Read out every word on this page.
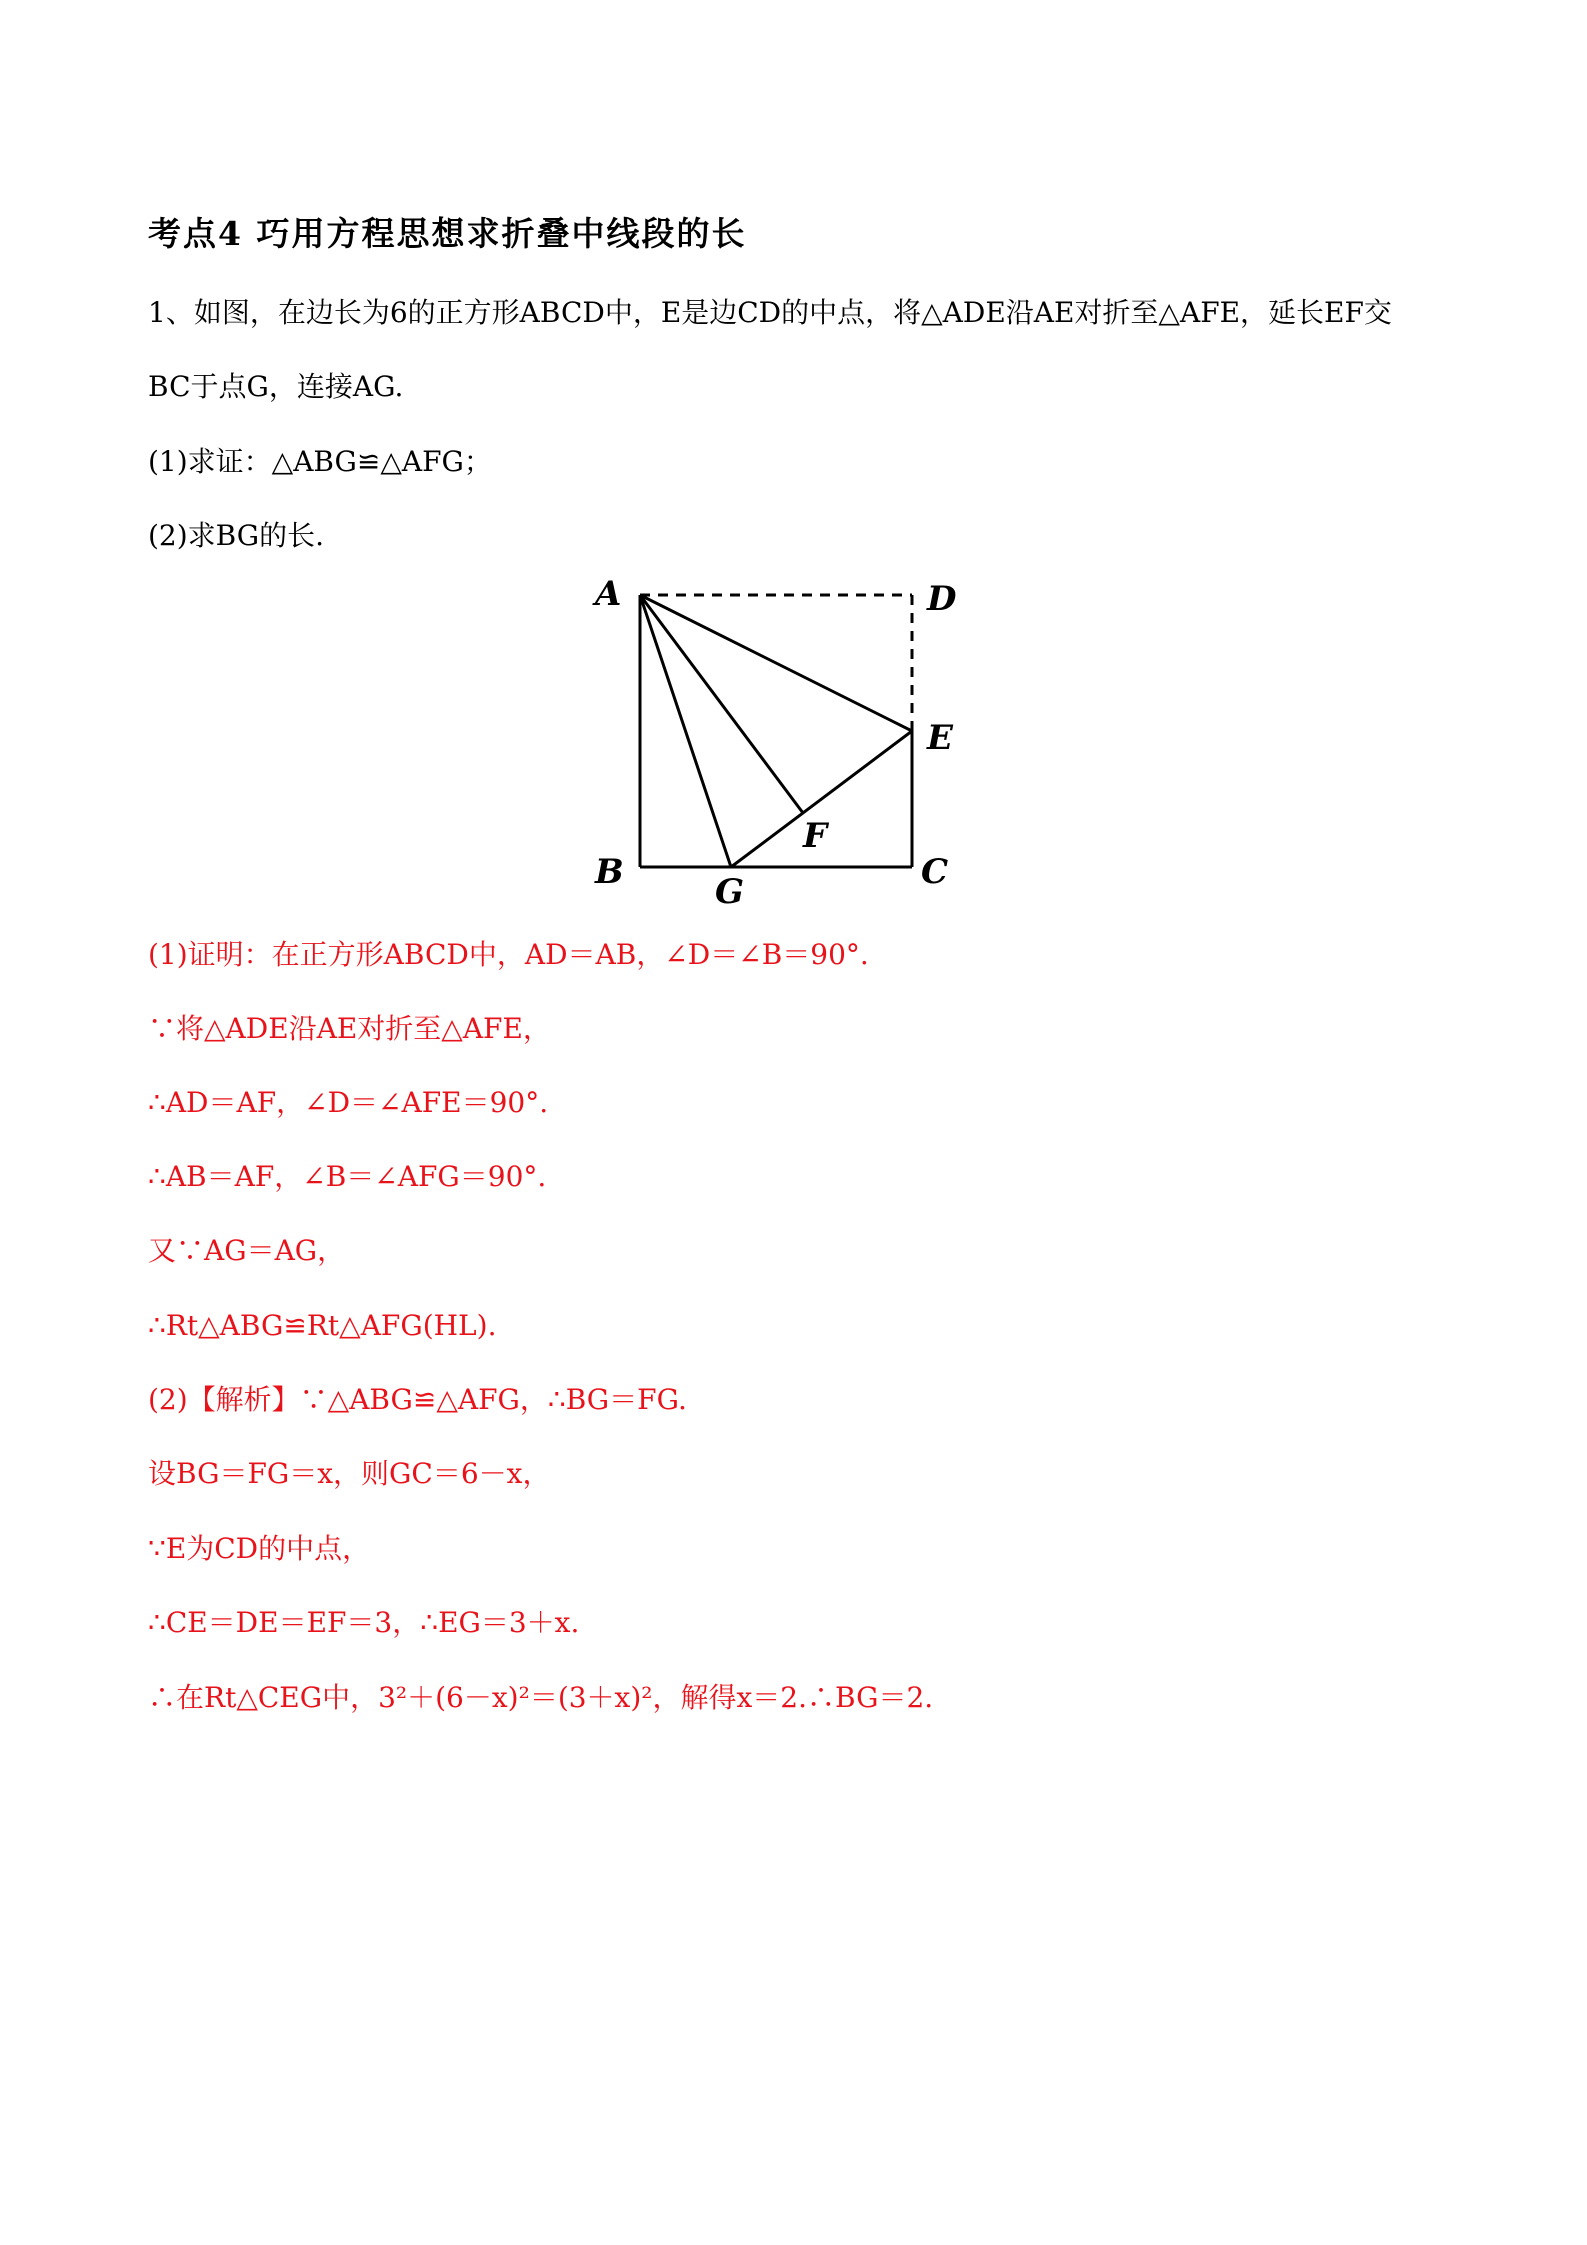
考点4 巧用方程思想求折叠中线段的长
1、如图，在边长为6的正方形ABCD中，E是边CD的中点，将△ADE沿AE对折至△AFE，延长EF交
BC于点G，连接AG.
(1)求证：△ABG≌△AFG；
(2)求BG的长.
A	D
E
F
B	G	C
(1)证明：在正方形ABCD中，AD＝AB，∠D＝∠B＝90°.
∵将△ADE沿AE对折至△AFE，
∴AD＝AF，∠D＝∠AFE＝90°.
∴AB＝AF，∠B＝∠AFG＝90°.
又∵AG＝AG，
∴Rt△ABG≌Rt△AFG(HL).
(2)【解析】∵△ABG≌△AFG，∴BG＝FG.
设BG＝FG＝x，则GC＝6－x，
∵E为CD的中点，
∴CE＝DE＝EF＝3，∴EG＝3＋x.
∴在Rt△CEG中，3²＋(6－x)²＝(3＋x)²，解得x＝2.∴BG＝2.
